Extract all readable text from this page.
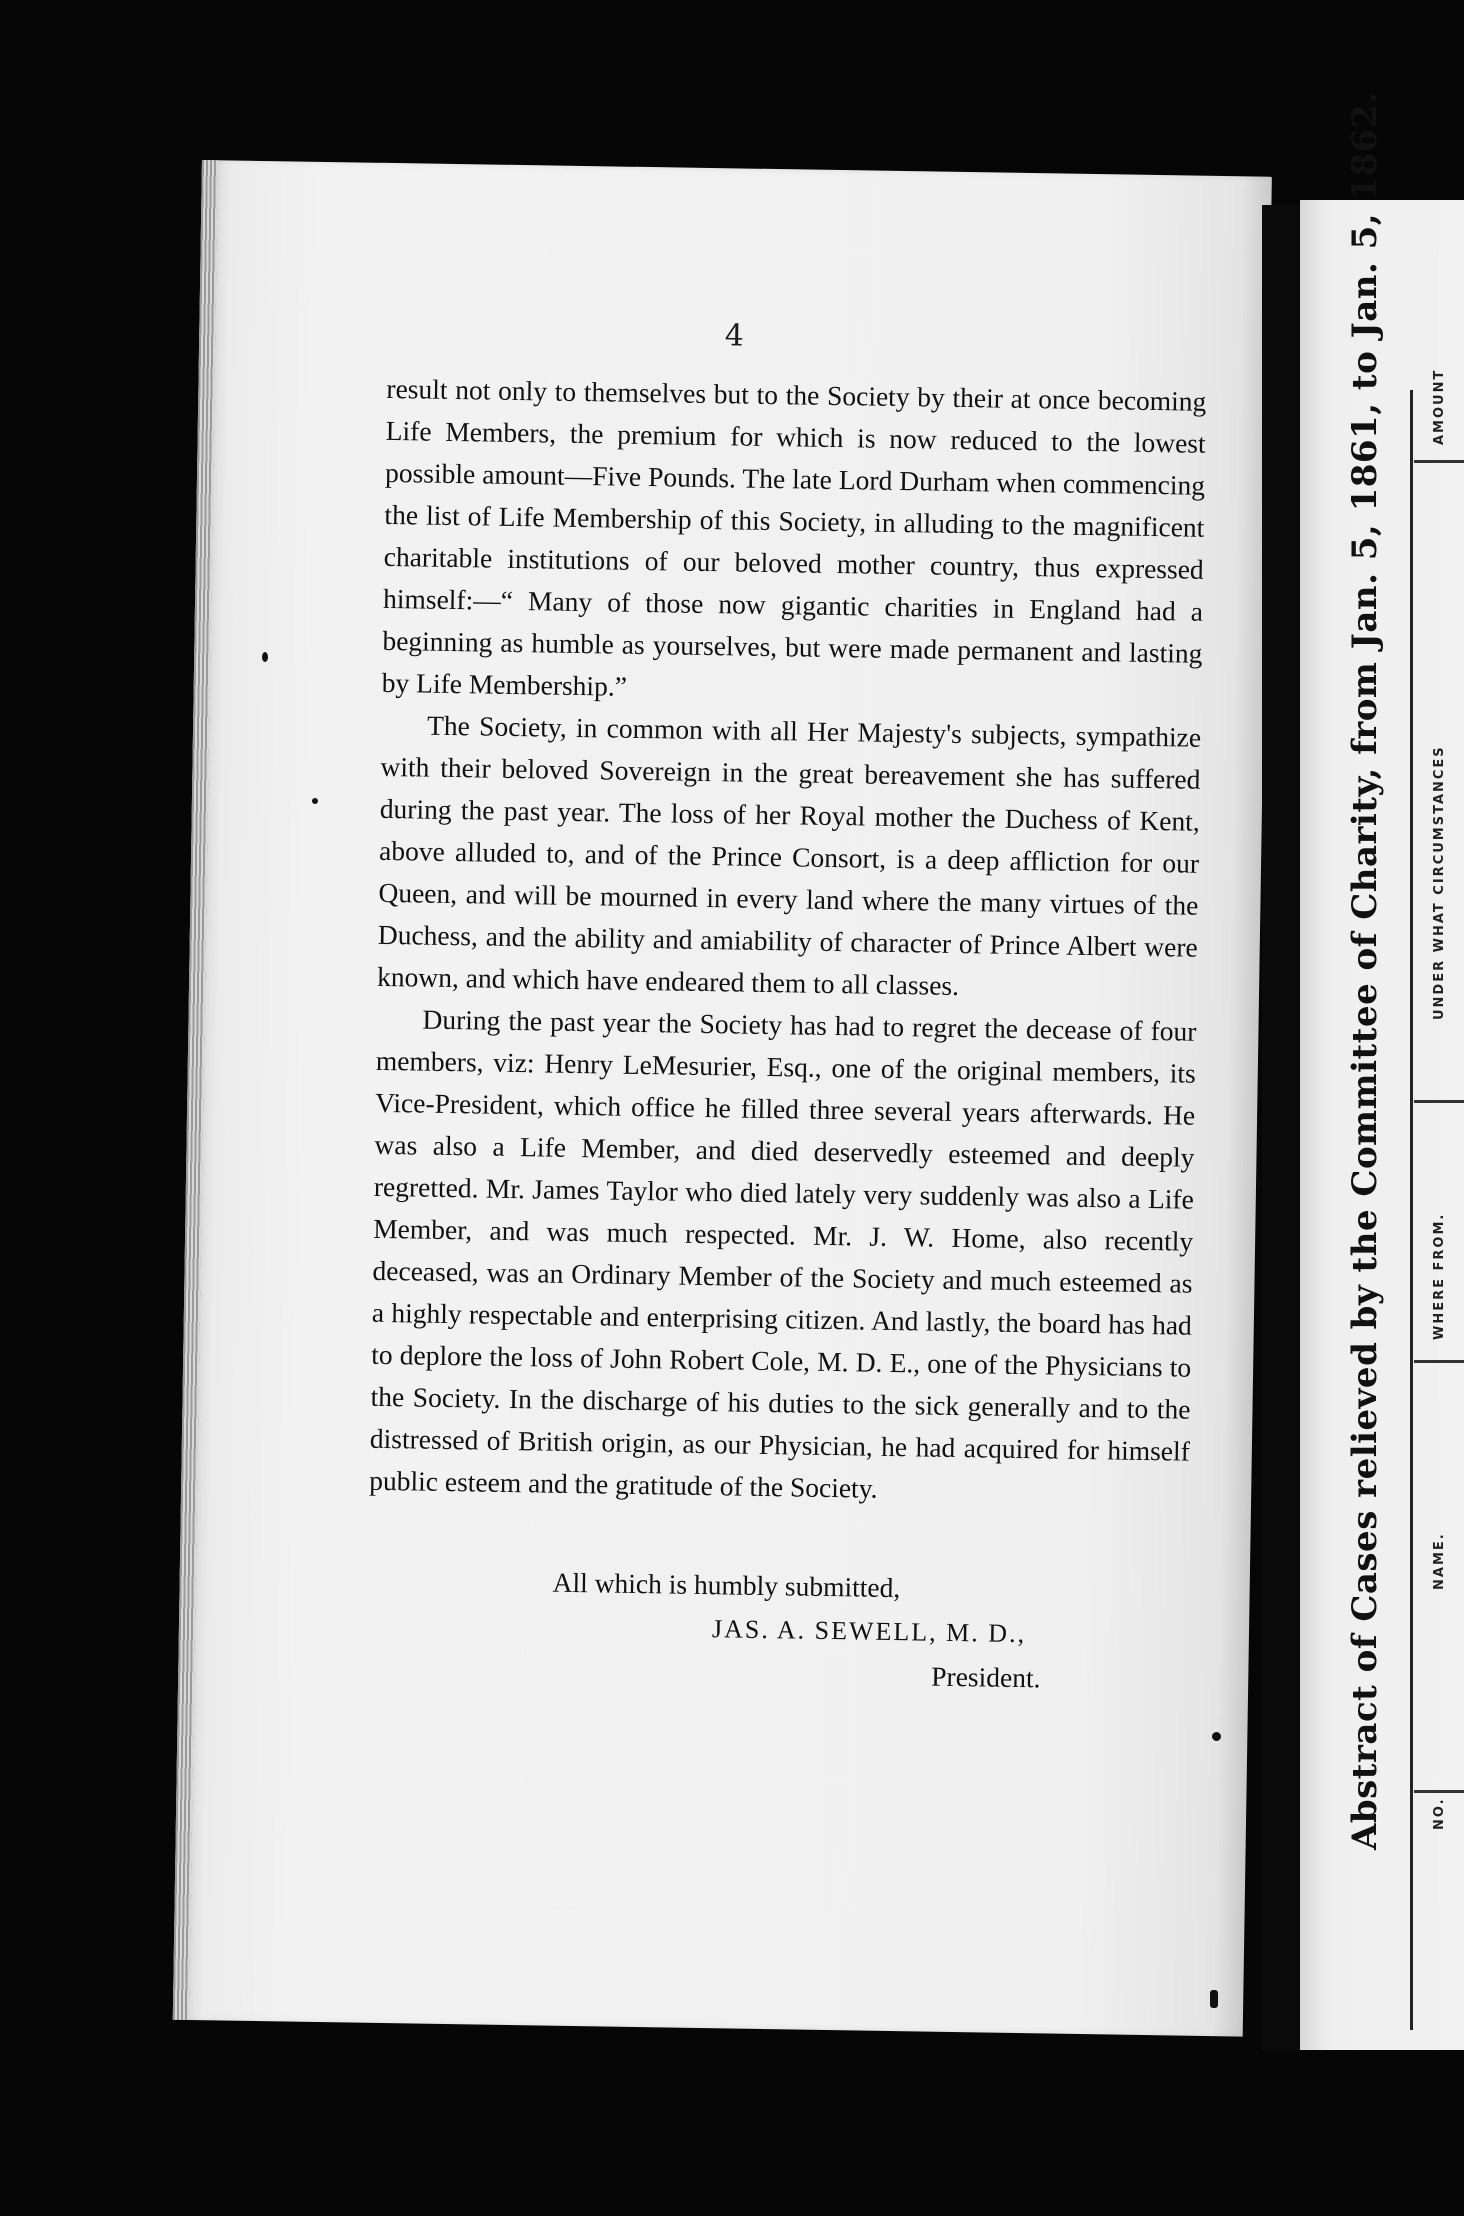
4

result not only to themselves but to the Society by their at once becoming Life Members, the premium for which is now reduced to the lowest possible amount—Five Pounds. The late Lord Durham when commencing the list of Life Membership of this Society, in alluding to the magnificent charitable institutions of our beloved mother country, thus expressed himself:—“ Many of those now gigantic charities in England had a beginning as humble as yourselves, but were made permanent and lasting by Life Membership.”

The Society, in common with all Her Majesty's subjects, sympathize with their beloved Sovereign in the great bereavement she has suffered during the past year. The loss of her Royal mother the Duchess of Kent, above alluded to, and of the Prince Consort, is a deep affliction for our Queen, and will be mourned in every land where the many virtues of the Duchess, and the ability and amiability of character of Prince Albert were known, and which have endeared them to all classes.

During the past year the Society has had to regret the decease of four members, viz: Henry LeMesurier, Esq., one of the original members, its Vice-President, which office he filled three several years afterwards. He was also a Life Member, and died deservedly esteemed and deeply regretted. Mr. James Taylor who died lately very suddenly was also a Life Member, and was much respected. Mr. J. W. Home, also recently deceased, was an Ordinary Member of the Society and much esteemed as a highly respectable and enterprising citizen. And lastly, the board has had to deplore the loss of John Robert Cole, M. D. E., one of the Physicians to the Society. In the discharge of his duties to the sick generally and to the distressed of British origin, as our Physician, he had acquired for himself public esteem and the gratitude of the Society.

All which is humbly submitted,
JAS. A. SEWELL, M. D.,
President.	Abstract of Cases relieved by the Committee of Charity, from Jan. 5, 1861, to Jan. 5, 1862.	NO.
NAME.
WHERE FROM.
UNDER WHAT CIRCUMSTANCES
AMOUNT
